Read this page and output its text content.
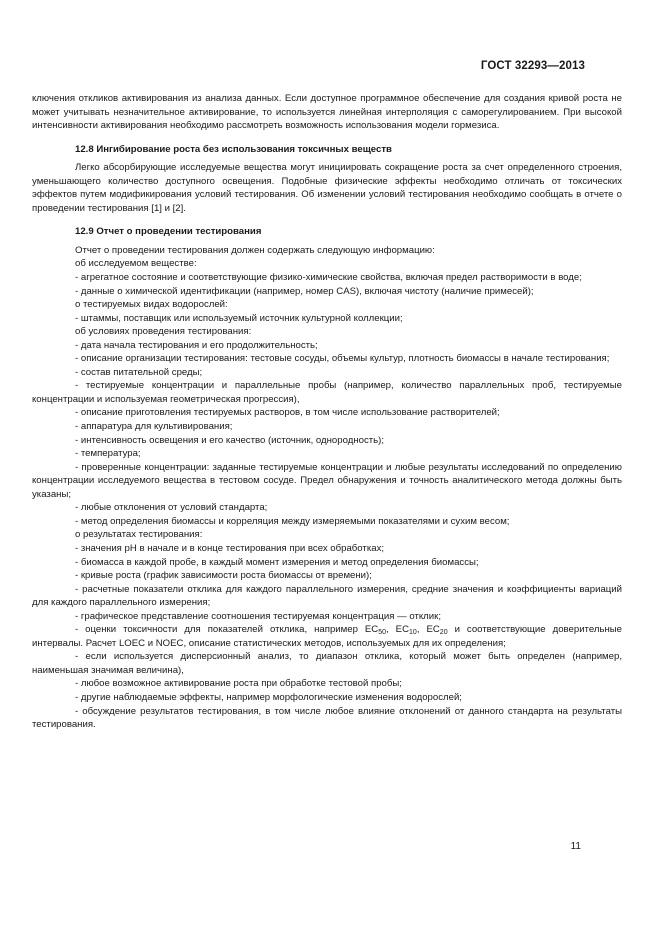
ГОСТ 32293—2013

ключения откликов активирования из анализа данных. Если доступное программное обеспечение для создания кривой роста не может учитывать незначительное активирование, то используется линейная интерполяция с саморегулированием. При высокой интенсивности активирования необходимо рассмотреть возможность использования модели гормезиса.

12.8 Ингибирование роста без использования токсичных веществ

Легко абсорбирующие исследуемые вещества могут инициировать сокращение роста за счет определенного строения, уменьшающего количество доступного освещения. Подобные физические эффекты необходимо отличать от токсических эффектов путем модификирования условий тестирования. Об изменении условий тестирования необходимо сообщать в отчете о проведении тестирования [1] и [2].

12.9 Отчет о проведении тестирования

Отчет о проведении тестирования должен содержать следующую информацию:

об исследуемом веществе:

- агрегатное состояние и соответствующие физико-химические свойства, включая предел растворимости в воде;

- данные о химической идентификации (например, номер CAS), включая чистоту (наличие примесей);

о тестируемых видах водорослей:

- штаммы, поставщик или используемый источник культурной коллекции;

об условиях проведения тестирования:

- дата начала тестирования и его продолжительность;

- описание организации тестирования: тестовые сосуды, объемы культур, плотность биомассы в начале тестирования;

- состав питательной среды;

- тестируемые концентрации и параллельные пробы (например, количество параллельных проб, тестируемые концентрации и используемая геометрическая прогрессия),

- описание приготовления тестируемых растворов, в том числе использование растворителей;

- аппаратура для культивирования;

- интенсивность освещения и его качество (источник, однородность);

- температура;

- проверенные концентрации: заданные тестируемые концентрации и любые результаты исследований по определению концентрации исследуемого вещества в тестовом сосуде. Предел обнаружения и точность аналитического метода должны быть указаны;

- любые отклонения от условий стандарта;

- метод определения биомассы и корреляция между измеряемыми показателями и сухим весом;

о результатах тестирования:

- значения pH в начале и в конце тестирования при всех обработках;

- биомасса в каждой пробе, в каждый момент измерения и метод определения биомассы;

- кривые роста (график зависимости роста биомассы от времени);

- расчетные показатели отклика для каждого параллельного измерения, средние значения и коэффициенты вариаций для каждого параллельного измерения;

- графическое представление соотношения тестируемая концентрация — отклик;

- оценки токсичности для показателей отклика, например $EC_{50}$, $EC_{10}$, $EC_{20}$ и соответствующие доверительные интервалы. Расчет LOEC и NOEC, описание статистических методов, используемых для их определения;

- если используется дисперсионный анализ, то диапазон отклика, который может быть определен (например, наименьшая значимая величина),

- любое возможное активирование роста при обработке тестовой пробы;

- другие наблюдаемые эффекты, например морфологические изменения водорослей;

- обсуждение результатов тестирования, в том числе любое влияние отклонений от данного стандарта на результаты тестирования.

11
